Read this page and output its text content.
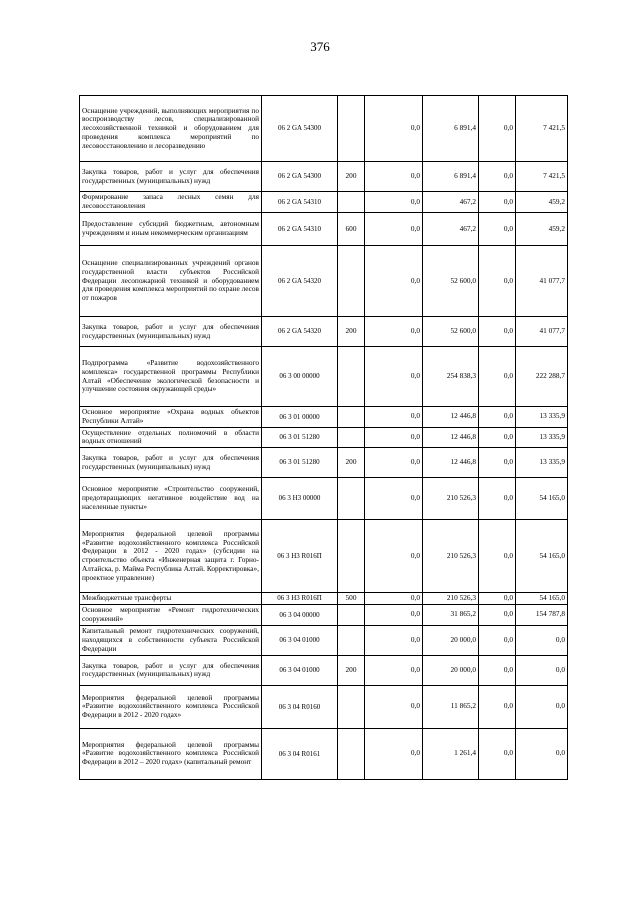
376
Оснащение учреждений, выполняющих мероприятия по воспроизводству лесов, специализированной лесохозяйственной техникой и оборудованием для проведения комплекса мероприятий по лесовосстановлению и лесоразведению	06 2 GA 54300		0,0	6 891,4	0,0	7 421,5
Закупка товаров, работ и услуг для обеспечения государственных (муниципальных) нужд	06 2 GA 54300	200	0,0	6 891,4	0,0	7 421,5
Формирование запаса лесных семян для лесовосстановления	06 2 GA 54310		0,0	467,2	0,0	459,2
Предоставление субсидий бюджетным, автономным учреждениям и иным некоммерческим организациям	06 2 GA 54310	600	0,0	467,2	0,0	459,2
Оснащение специализированных учреждений органов государственной власти субъектов Российской Федерации лесопожарной техникой и оборудованием для проведения комплекса мероприятий по охране лесов от пожаров	06 2 GA 54320		0,0	52 600,0	0,0	41 077,7
Закупка товаров, работ и услуг для обеспечения государственных (муниципальных) нужд	06 2 GA 54320	200	0,0	52 600,0	0,0	41 077,7
Подпрограмма «Развитие водохозяйственного комплекса» государственной программы Республики Алтай «Обеспечение экологической безопасности и улучшение состояния окружающей среды»	06 3 00 00000		0,0	254 838,3	0,0	222 288,7
Основное мероприятие «Охрана водных объектов Республики Алтай»	06 3 01 00000		0,0	12 446,8	0,0	13 335,9
Осуществление отдельных полномочий в области водных отношений	06 3 01 51280		0,0	12 446,8	0,0	13 335,9
Закупка товаров, работ и услуг для обеспечения государственных (муниципальных) нужд	06 3 01 51280	200	0,0	12 446,8	0,0	13 335,9
Основное мероприятие «Строительство сооружений, предотвращающих негативное воздействие вод на населенные пункты»	06 3 Н3 00000		0,0	210 526,3	0,0	54 165,0
Мероприятия федеральной целевой программы «Развитие водохозяйственного комплекса Российской Федерации в 2012 - 2020 годах» (субсидии на строительство объекта «Инженерная защита г. Горно-Алтайска, р. Майма Республика Алтай. Корректировка», проектное управление)	06 3 Н3 R016П		0,0	210 526,3	0,0	54 165,0
Межбюджетные трансферты	06 3 Н3 R016П	500	0,0	210 526,3	0,0	54 165,0
Основное мероприятие «Ремонт гидротехнических сооружений»	06 3 04 00000		0,0	31 865,2	0,0	154 787,8
Капитальный ремонт гидротехнических сооружений, находящихся в собственности субъекта Российской Федерации	06 3 04 01000		0,0	20 000,0	0,0	0,0
Закупка товаров, работ и услуг для обеспечения государственных (муниципальных) нужд	06 3 04 01000	200	0,0	20 000,0	0,0	0,0
Мероприятия федеральной целевой программы «Развитие водохозяйственного комплекса Российской Федерации в 2012 - 2020 годах»	06 3 04 R0160		0,0	11 865,2	0,0	0,0
Мероприятия федеральной целевой программы «Развитие водохозяйственного комплекса Российской Федерации в 2012 – 2020 годах» (капитальный ремонт	06 3 04 R0161		0,0	1 261,4	0,0	0,0
